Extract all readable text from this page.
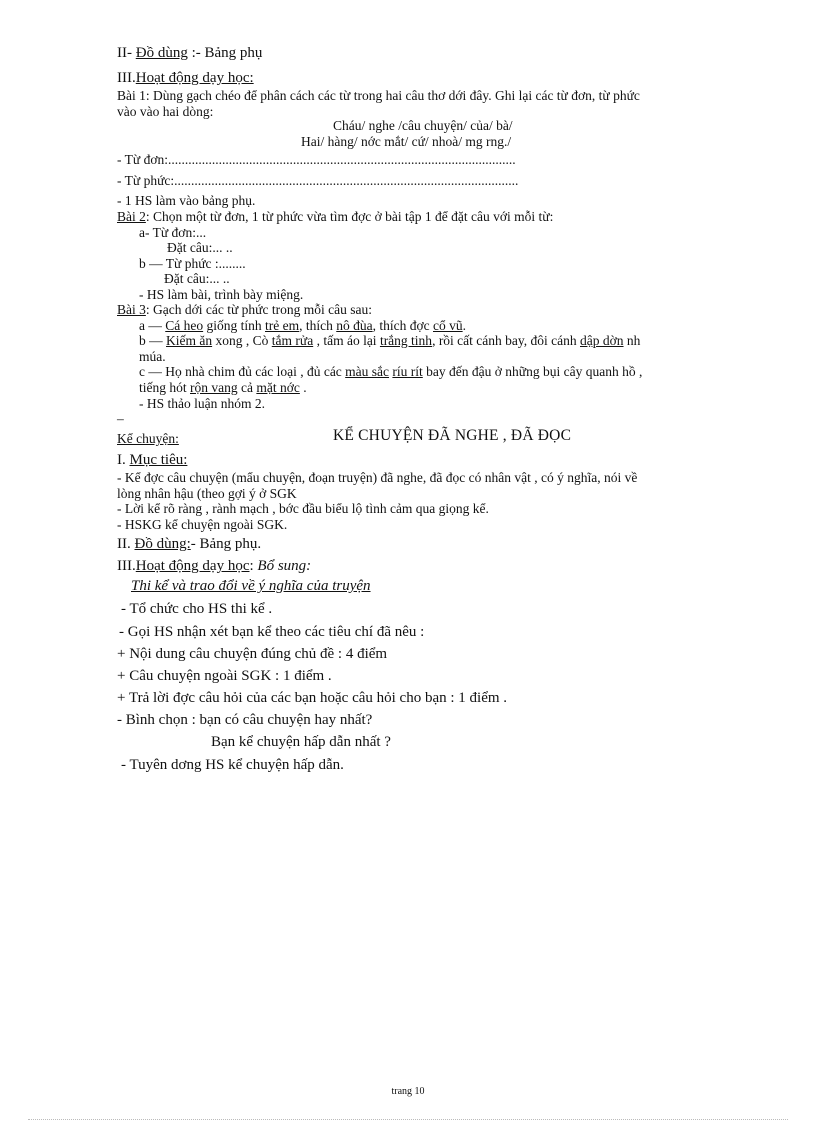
II- Đồ dùng :- Bảng phụ
III.Hoạt động dạy học:
Bài 1: Dùng gạch chéo để phân cách các từ trong hai câu thơ dới đây. Ghi lại các từ đơn, từ phức
vào vào hai dòng:
Cháu/ nghe /câu chuyện/ của/ bà/
Hai/ hàng/ nớc mắt/ cứ/ nhoà/ mg rng./
- Từ đơn:.......................................................................................................
- Từ phức:......................................................................................................
- 1 HS làm vào bảng phụ.
Bài 2: Chọn một từ đơn, 1 từ phức vừa tìm đợc ở bài tập 1 để đặt câu với mỗi từ:
a- Từ đơn:...
Đặt câu:... ..
b — Từ phức :........
Đặt câu:... ..
- HS làm bài, trình bày miệng.
Bài 3: Gạch dới các từ phức trong mỗi câu sau:
a — Cá heo giống tính trẻ em, thích nô đùa, thích đợc cổ vũ.
b — Kiếm ăn xong , Cò tắm rửa , tấm áo lại trắng tinh, rồi cất cánh bay, đôi cánh dập dờn nh
múa.
c — Họ nhà chim đủ các loại , đủ các màu sắc ríu rít bay đến đậu ở những bụi cây quanh hồ ,
tiếng hót rộn vang cả mặt nớc .
- HS thảo luận nhóm 2.
–
Kể chuyện:	KỂ CHUYỆN ĐÃ NGHE , ĐÃ ĐỌC
I. Mục tiêu:
- Kể đợc câu chuyện (mẩu chuyện, đoạn truyện) đã nghe, đã đọc có nhân vật , có ý nghĩa, nói về
lòng nhân hậu (theo gợi ý ở SGK
- Lời kể rõ ràng , rành mạch , bớc đầu biểu lộ tình cảm qua giọng kể.
- HSKG kể chuyện ngoài SGK.
II. Đồ dùng:- Bảng phụ.
III.Hoạt động dạy học: Bổ sung:
Thi kể và trao đổi về ý nghĩa của truyện
- Tổ chức cho HS thi kể .
- Gọi HS nhận xét bạn kể theo các tiêu chí đã nêu :
+ Nội dung câu chuyện đúng chủ đề : 4 điểm
+ Câu chuyện ngoài SGK : 1 điểm .
+ Trả lời đợc câu hỏi của các bạn hoặc câu hỏi cho bạn : 1 điểm .
- Bình chọn : bạn có câu chuyện hay nhất?
Bạn kể chuyện hấp dẫn nhất ?
- Tuyên dơng HS kể chuyện hấp dẫn.
trang 10
